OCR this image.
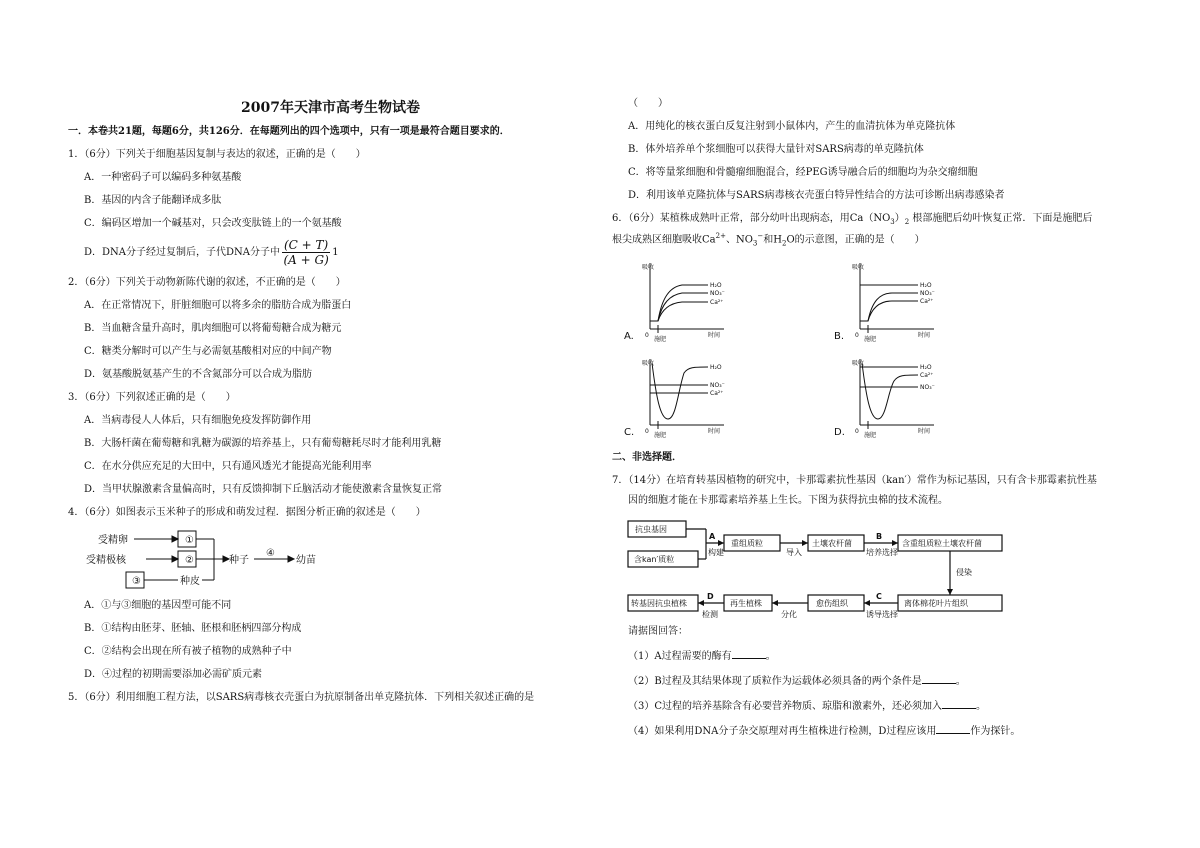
2007年天津市高考生物试卷
一．本卷共21题，每题6分，共126分．在每题列出的四个选项中，只有一项是最符合题目要求的．
1．（6分）下列关于细胞基因复制与表达的叙述，正确的是（　　）
A．一种密码子可以编码多种氨基酸
B．基因的内含子能翻译成多肽
C．编码区增加一个碱基对，只会改变肽链上的一个氨基酸
D．DNA分子经过复制后，子代DNA分子中 $\frac{(C + T)}{(A + G)} 1$
2．（6分）下列关于动物新陈代谢的叙述，不正确的是（　　）
A．在正常情况下，肝脏细胞可以将多余的脂肪合成为脂蛋白
B．当血糖含量升高时，肌肉细胞可以将葡萄糖合成为糖元
C．糖类分解时可以产生与必需氨基酸相对应的中间产物
D．氨基酸脱氨基产生的不含氮部分可以合成为脂肪
3．（6分）下列叙述正确的是（　　）
A．当病毒侵人人体后，只有细胞免疫发挥防御作用
B．大肠杆菌在葡萄糖和乳糖为碳源的培养基上，只有葡萄糖耗尽时才能利用乳糖
C．在水分供应充足的大田中，只有通风透光才能提高光能利用率
D．当甲状腺激素含量偏高时，只有反馈抑制下丘脑活动才能使激素含量恢复正常
4．（6分）如图表示玉米种子的形成和萌发过程．据图分析正确的叙述是（　　）
受精卵
受精极核
①
②
③
种子
④
幼苗
种皮
A．①与③细胞的基因型可能不同
B．①结构由胚芽、胚轴、胚根和胚柄四部分构成
C．②结构会出现在所有被子植物的成熟种子中
D．④过程的初期需要添加必需矿质元素
5．（6分）利用细胞工程方法，以SARS病毒核衣壳蛋白为抗原制备出单克隆抗体．下列相关叙述正确的是
（　　）
A．用纯化的核衣蛋白反复注射到小鼠体内，产生的血清抗体为单克隆抗体
B．体外培养单个浆细胞可以获得大量针对SARS病毒的单克隆抗体
C．将等量浆细胞和骨髓瘤细胞混合，经PEG诱导融合后的细胞均为杂交瘤细胞
D．利用该单克隆抗体与SARS病毒核衣壳蛋白特异性结合的方法可诊断出病毒感染者
6．（6分）某植株成熟叶正常，部分幼叶出现病态，用$Ca(NO_3)_2$ 根部施肥后幼叶恢复正常．下面是施肥后
根尖成熟区细胞吸收$Ca^{2+}$、$NO_3^-$和$H_2O$的示意图，正确的是（　　）
A.
吸收
0
施肥
时间
H₂O
NO₃⁻
Ca²⁺
B.
吸收
0
施肥
时间
H₂O
NO₃⁻
Ca²⁺
C.
吸收
0
施肥
时间
H₂O
NO₃⁻
Ca²⁺
D.
吸收
0
施肥
时间
H₂O
Ca²⁺
NO₃⁻
二、非选择题．
7．（14分）在培育转基因植物的研究中，卡那霉素抗性基因（kan′）常作为标记基因，只有含卡那霉素抗性基
因的细胞才能在卡那霉素培养基上生长。下图为获得抗虫棉的技术流程。
抗虫基因
含kan′质粒
A
构建
重组质粒
导入
土壤农杆菌
B
培养选择
含重组质粒土壤农杆菌
侵染
离体棉花叶片组织
C
诱导选择
愈伤组织
分化
再生植株
D
检测
转基因抗虫植株
请据图回答：
（1）A过程需要的酶有	。
（2）B过程及其结果体现了质粒作为运载体必须具备的两个条件是	。
（3）C过程的培养基除含有必要营养物质、琼脂和激素外，还必须加入	。
（4）如果利用DNA分子杂交原理对再生植株进行检测，D过程应该用	作为探针。
